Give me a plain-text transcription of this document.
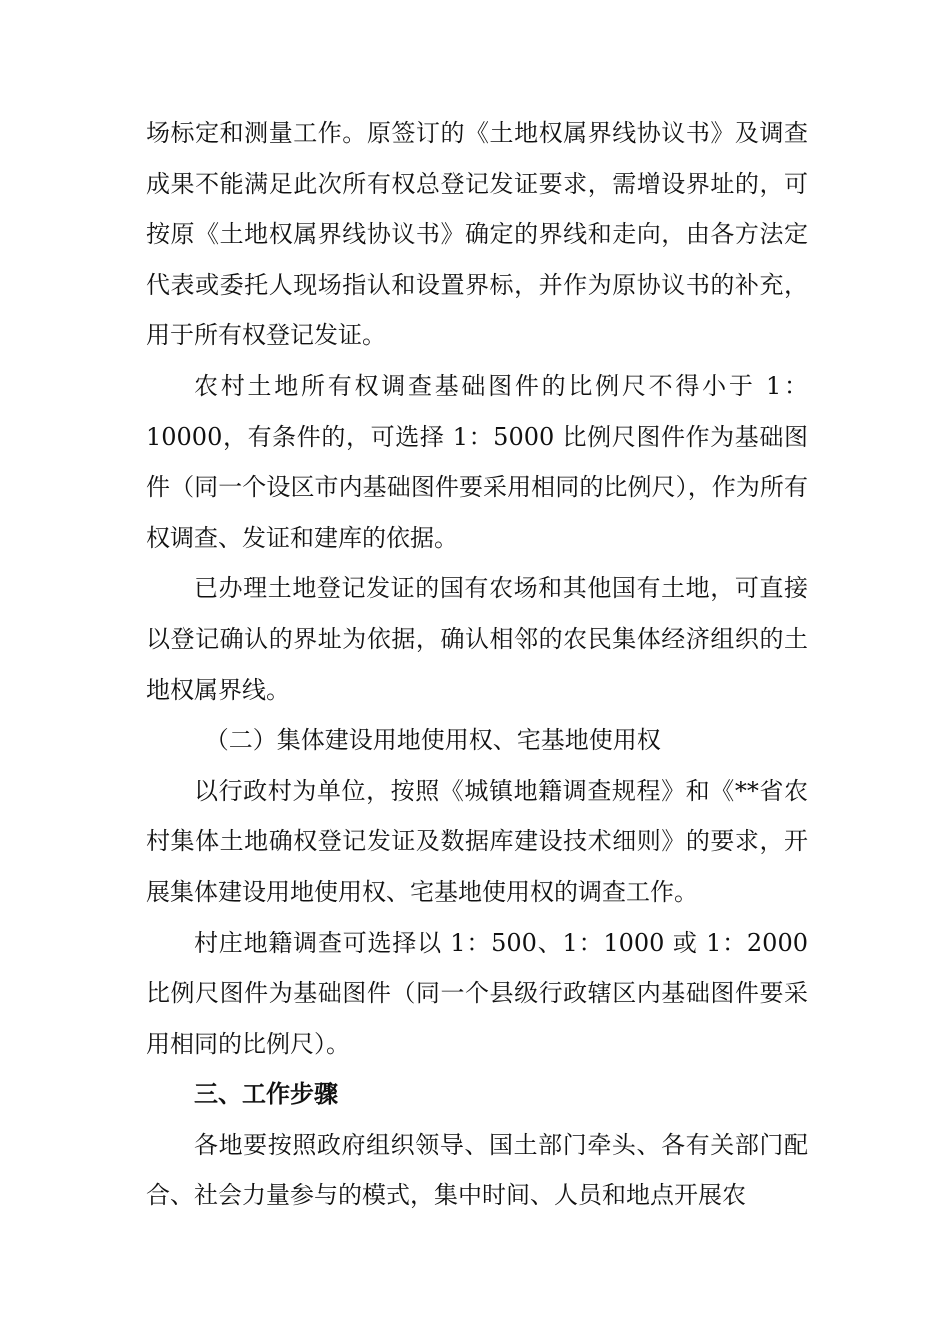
场标定和测量工作。原签订的《土地权属界线协议书》及调查成果不能满足此次所有权总登记发证要求，需增设界址的，可按原《土地权属界线协议书》确定的界线和走向，由各方法定代表或委托人现场指认和设置界标，并作为原协议书的补充，用于所有权登记发证。

农村土地所有权调查基础图件的比例尺不得小于 1：10000，有条件的，可选择 1：5000 比例尺图件作为基础图件（同一个设区市内基础图件要采用相同的比例尺），作为所有权调查、发证和建库的依据。

已办理土地登记发证的国有农场和其他国有土地，可直接以登记确认的界址为依据，确认相邻的农民集体经济组织的土地权属界线。

（二）集体建设用地使用权、宅基地使用权

以行政村为单位，按照《城镇地籍调查规程》和《**省农村集体土地确权登记发证及数据库建设技术细则》的要求，开展集体建设用地使用权、宅基地使用权的调查工作。

村庄地籍调查可选择以 1：500、1：1000 或 1：2000 比例尺图件为基础图件（同一个县级行政辖区内基础图件要采用相同的比例尺）。

三、工作步骤

各地要按照政府组织领导、国土部门牵头、各有关部门配合、社会力量参与的模式，集中时间、人员和地点开展农
